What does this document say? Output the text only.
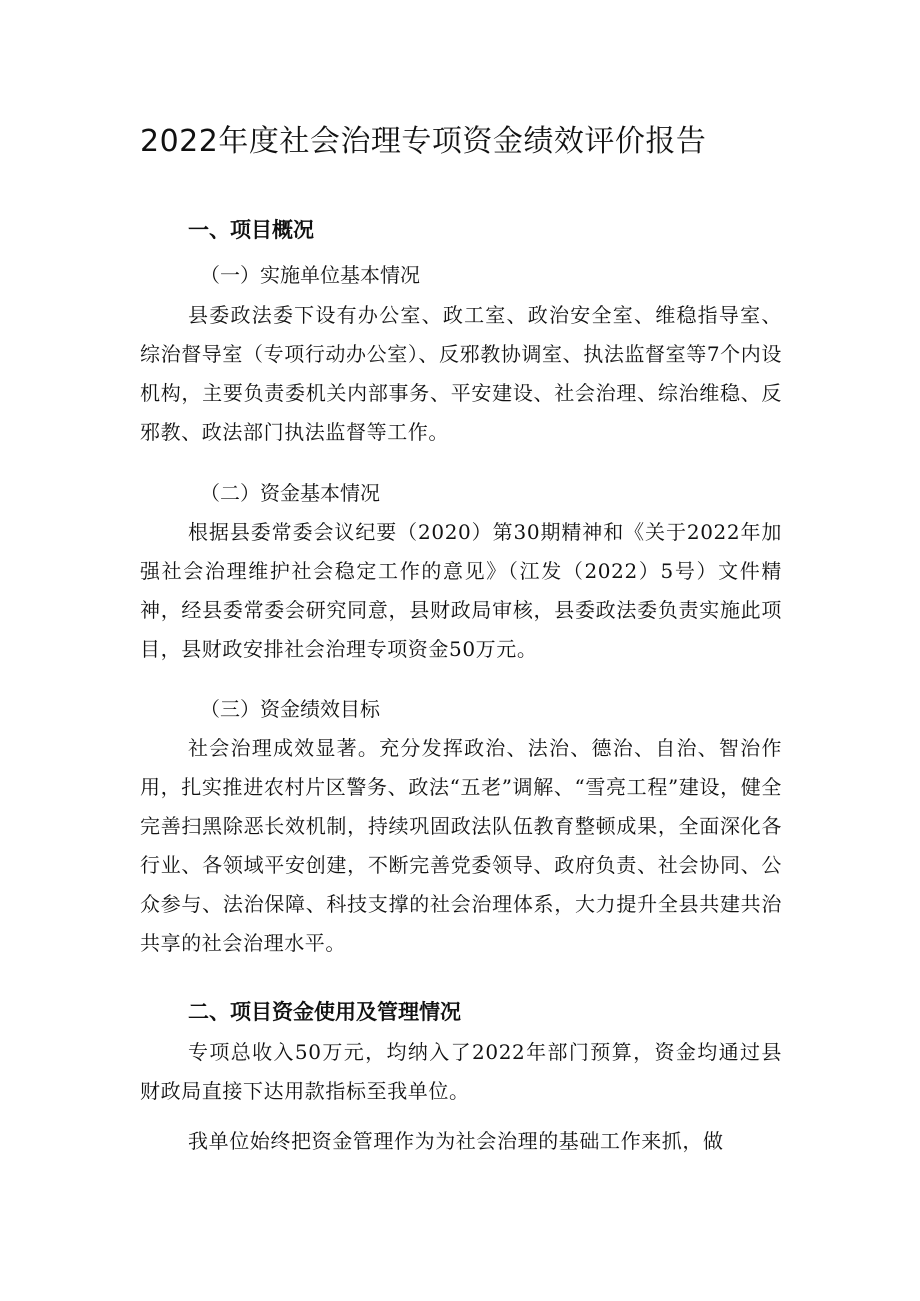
2022年度社会治理专项资金绩效评价报告
一、项目概况
（一）实施单位基本情况

县委政法委下设有办公室、政工室、政治安全室、维稳指导室、综治督导室（专项行动办公室）、反邪教协调室、执法监督室等7个内设机构，主要负责委机关内部事务、平安建设、社会治理、综治维稳、反邪教、政法部门执法监督等工作。

（二）资金基本情况

根据县委常委会议纪要（2020）第30期精神和《关于2022年加强社会治理维护社会稳定工作的意见》（江发（2022）5号）文件精神，经县委常委会研究同意，县财政局审核，县委政法委负责实施此项目，县财政安排社会治理专项资金50万元。

（三）资金绩效目标

社会治理成效显著。充分发挥政治、法治、德治、自治、智治作用，扎实推进农村片区警务、政法“五老”调解、“雪亮工程”建设，健全完善扫黑除恶长效机制，持续巩固政法队伍教育整顿成果，全面深化各行业、各领域平安创建，不断完善党委领导、政府负责、社会协同、公众参与、法治保障、科技支撑的社会治理体系，大力提升全县共建共治共享的社会治理水平。

二、项目资金使用及管理情况

专项总收入50万元，均纳入了2022年部门预算，资金均通过县财政局直接下达用款指标至我单位。

我单位始终把资金管理作为为社会治理的基础工作来抓，做
